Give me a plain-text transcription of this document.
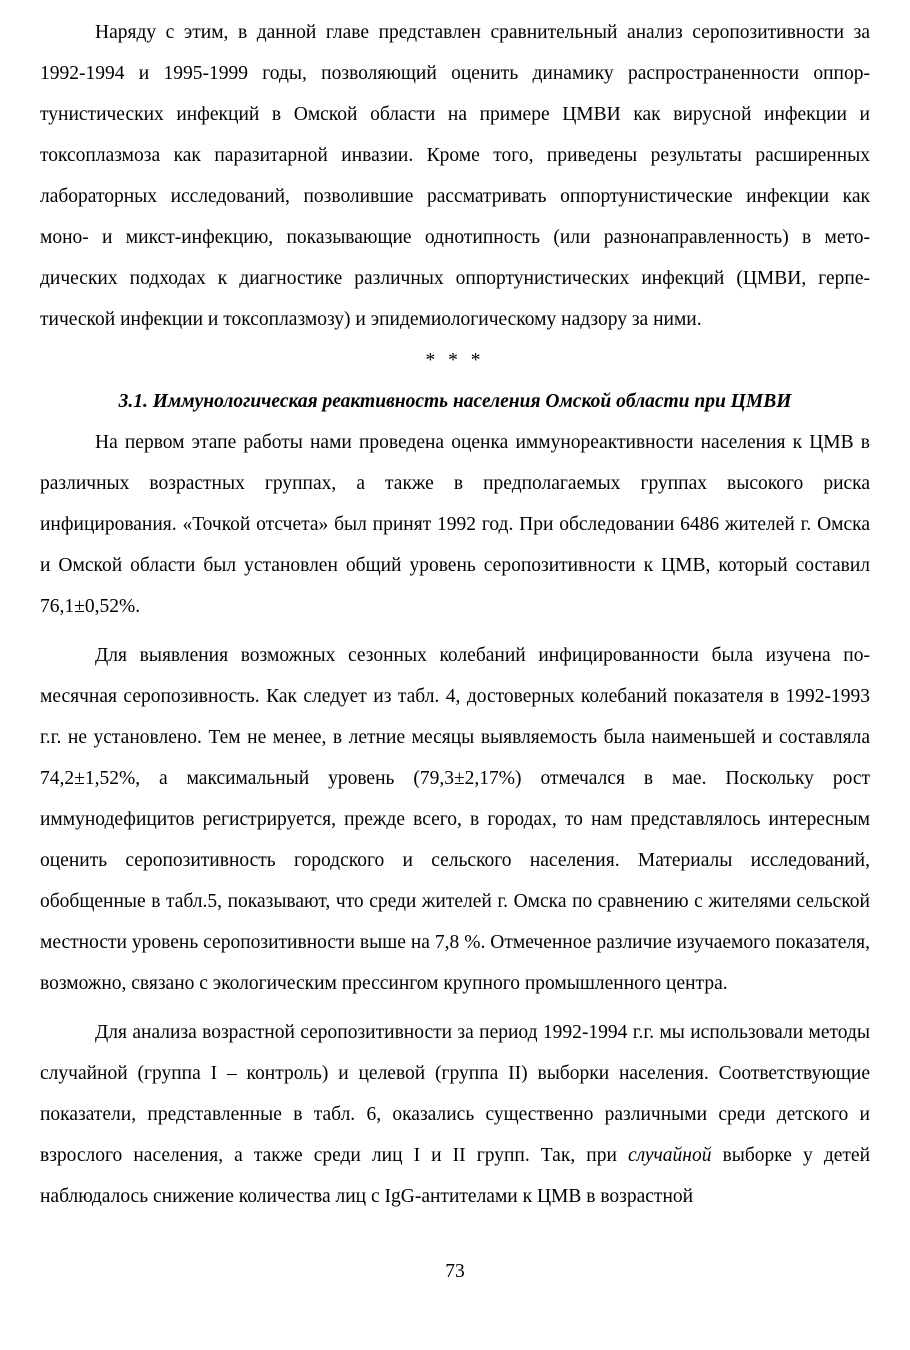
Наряду с этим, в данной главе представлен сравнительный анализ серопозитивности за 1992-1994 и 1995-1999 годы, позволяющий оценить динамику распространенности оппортунистических инфекций в Омской области на примере ЦМВИ как вирусной инфекции и токсоплазмоза как паразитарной инвазии. Кроме того, приведены результаты расширенных лабораторных исследований, позволившие рассматривать оппортунистические инфекции как моно- и микст-инфекцию, показывающие однотипность (или разнонаправленность) в методических подходах к диагностике различных оппортунистических инфекций (ЦМВИ, герпетической инфекции и токсоплазмозу) и эпидемиологическому надзору за ними.

* * *

3.1. Иммунологическая реактивность населения Омской области при ЦМВИ

На первом этапе работы нами проведена оценка иммунореактивности населения к ЦМВ в различных возрастных группах, а также в предполагаемых группах высокого риска инфицирования. «Точкой отсчета» был принят 1992 год. При обследовании 6486 жителей г. Омска и Омской области был установлен общий уровень серопозитивности к ЦМВ, который составил 76,1±0,52%.

Для выявления возможных сезонных колебаний инфицированности была изучена помесячная серопозивность. Как следует из табл. 4, достоверных колебаний показателя в 1992-1993 г.г. не установлено. Тем не менее, в летние месяцы выявляемость была наименьшей и составляла 74,2±1,52%, а максимальный уровень (79,3±2,17%) отмечался в мае. Поскольку рост иммунодефицитов регистрируется, прежде всего, в городах, то нам представлялось интересным оценить серопозитивность городского и сельского населения. Материалы исследований, обобщенные в табл.5, показывают, что среди жителей г. Омска по сравнению с жителями сельской местности уровень серопозитивности выше на 7,8 %. Отмеченное различие изучаемого показателя, возможно, связано с экологическим прессингом крупного промышленного центра.

Для анализа возрастной серопозитивности за период 1992-1994 г.г. мы использовали методы случайной (группа I – контроль) и целевой (группа II) выборки населения. Соответствующие показатели, представленные в табл. 6, оказались существенно различными среди детского и взрослого населения, а также среди лиц I и II групп. Так, при случайной выборке у детей наблюдалось снижение количества лиц с IgG-антителами к ЦМВ в возрастной

73
